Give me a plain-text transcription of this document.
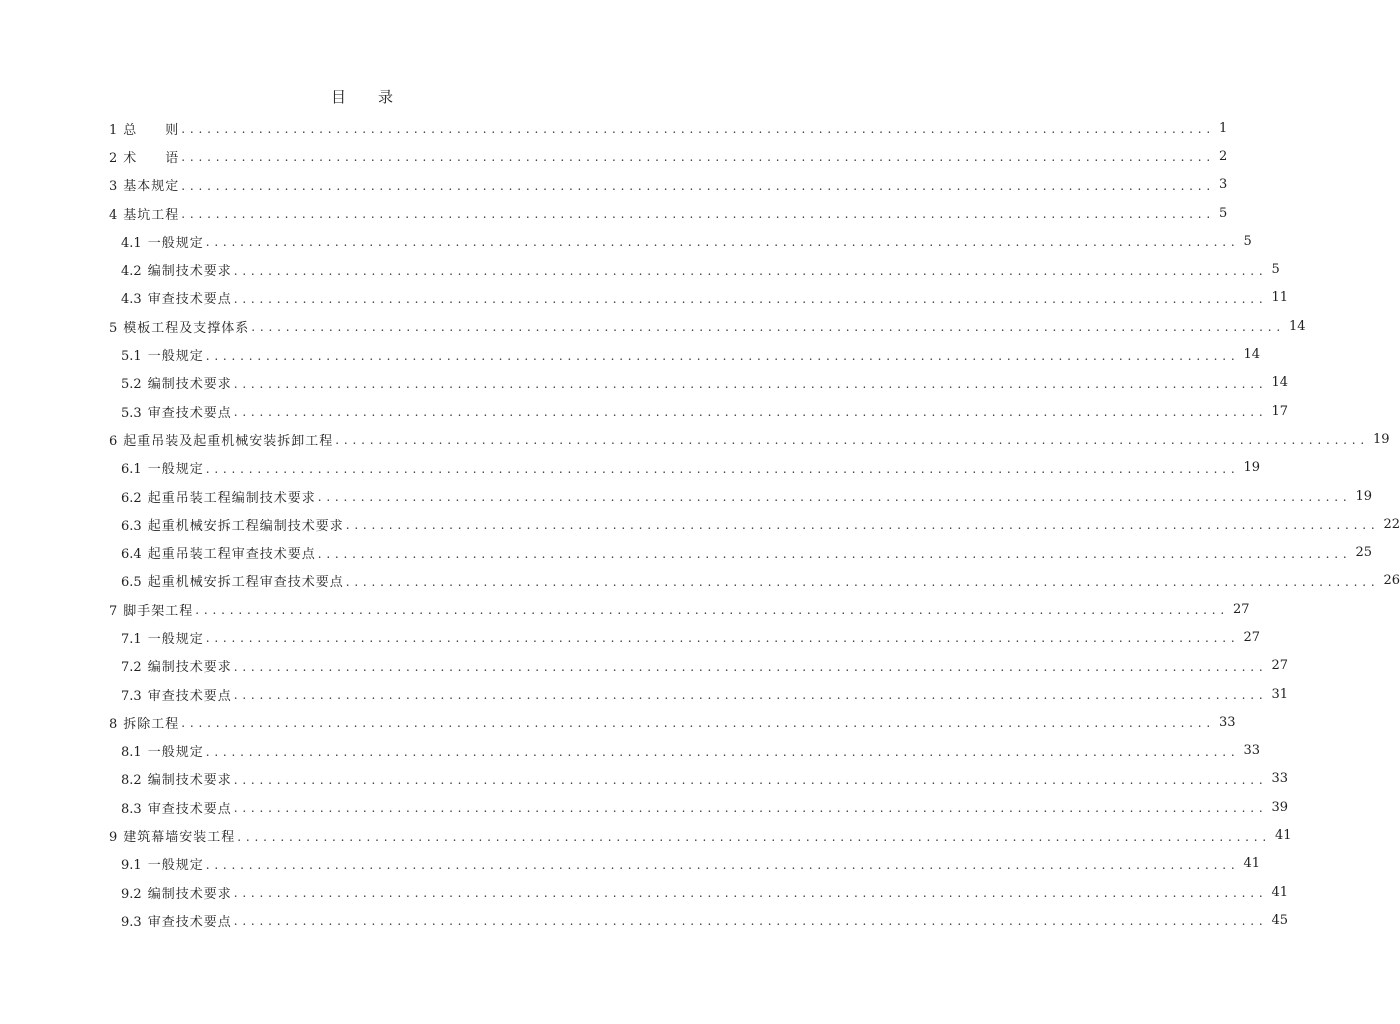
目 录
1 总　　则 ........................................................................................................................ 1
2 术　　语 ........................................................................................................................ 2
3 基本规定 ........................................................................................................................ 3
4 基坑工程 ........................................................................................................................ 5
4.1 一般规定 ........................................................................................................................ 5
4.2 编制技术要求 ........................................................................................................................ 5
4.3 审查技术要点 ........................................................................................................................ 11
5 模板工程及支撑体系 ........................................................................................................................ 14
5.1 一般规定 ........................................................................................................................ 14
5.2 编制技术要求 ........................................................................................................................ 14
5.3 审查技术要点 ........................................................................................................................ 17
6 起重吊装及起重机械安装拆卸工程 ........................................................................................................................ 19
6.1 一般规定 ........................................................................................................................ 19
6.2 起重吊装工程编制技术要求 ........................................................................................................................ 19
6.3 起重机械安拆工程编制技术要求 ........................................................................................................................ 22
6.4 起重吊装工程审查技术要点 ........................................................................................................................ 25
6.5 起重机械安拆工程审查技术要点 ........................................................................................................................ 26
7 脚手架工程 ........................................................................................................................ 27
7.1 一般规定 ........................................................................................................................ 27
7.2 编制技术要求 ........................................................................................................................ 27
7.3 审查技术要点 ........................................................................................................................ 31
8 拆除工程 ........................................................................................................................ 33
8.1 一般规定 ........................................................................................................................ 33
8.2 编制技术要求 ........................................................................................................................ 33
8.3 审查技术要点 ........................................................................................................................ 39
9 建筑幕墙安装工程 ........................................................................................................................ 41
9.1 一般规定 ........................................................................................................................ 41
9.2 编制技术要求 ........................................................................................................................ 41
9.3 审查技术要点 ........................................................................................................................ 45
